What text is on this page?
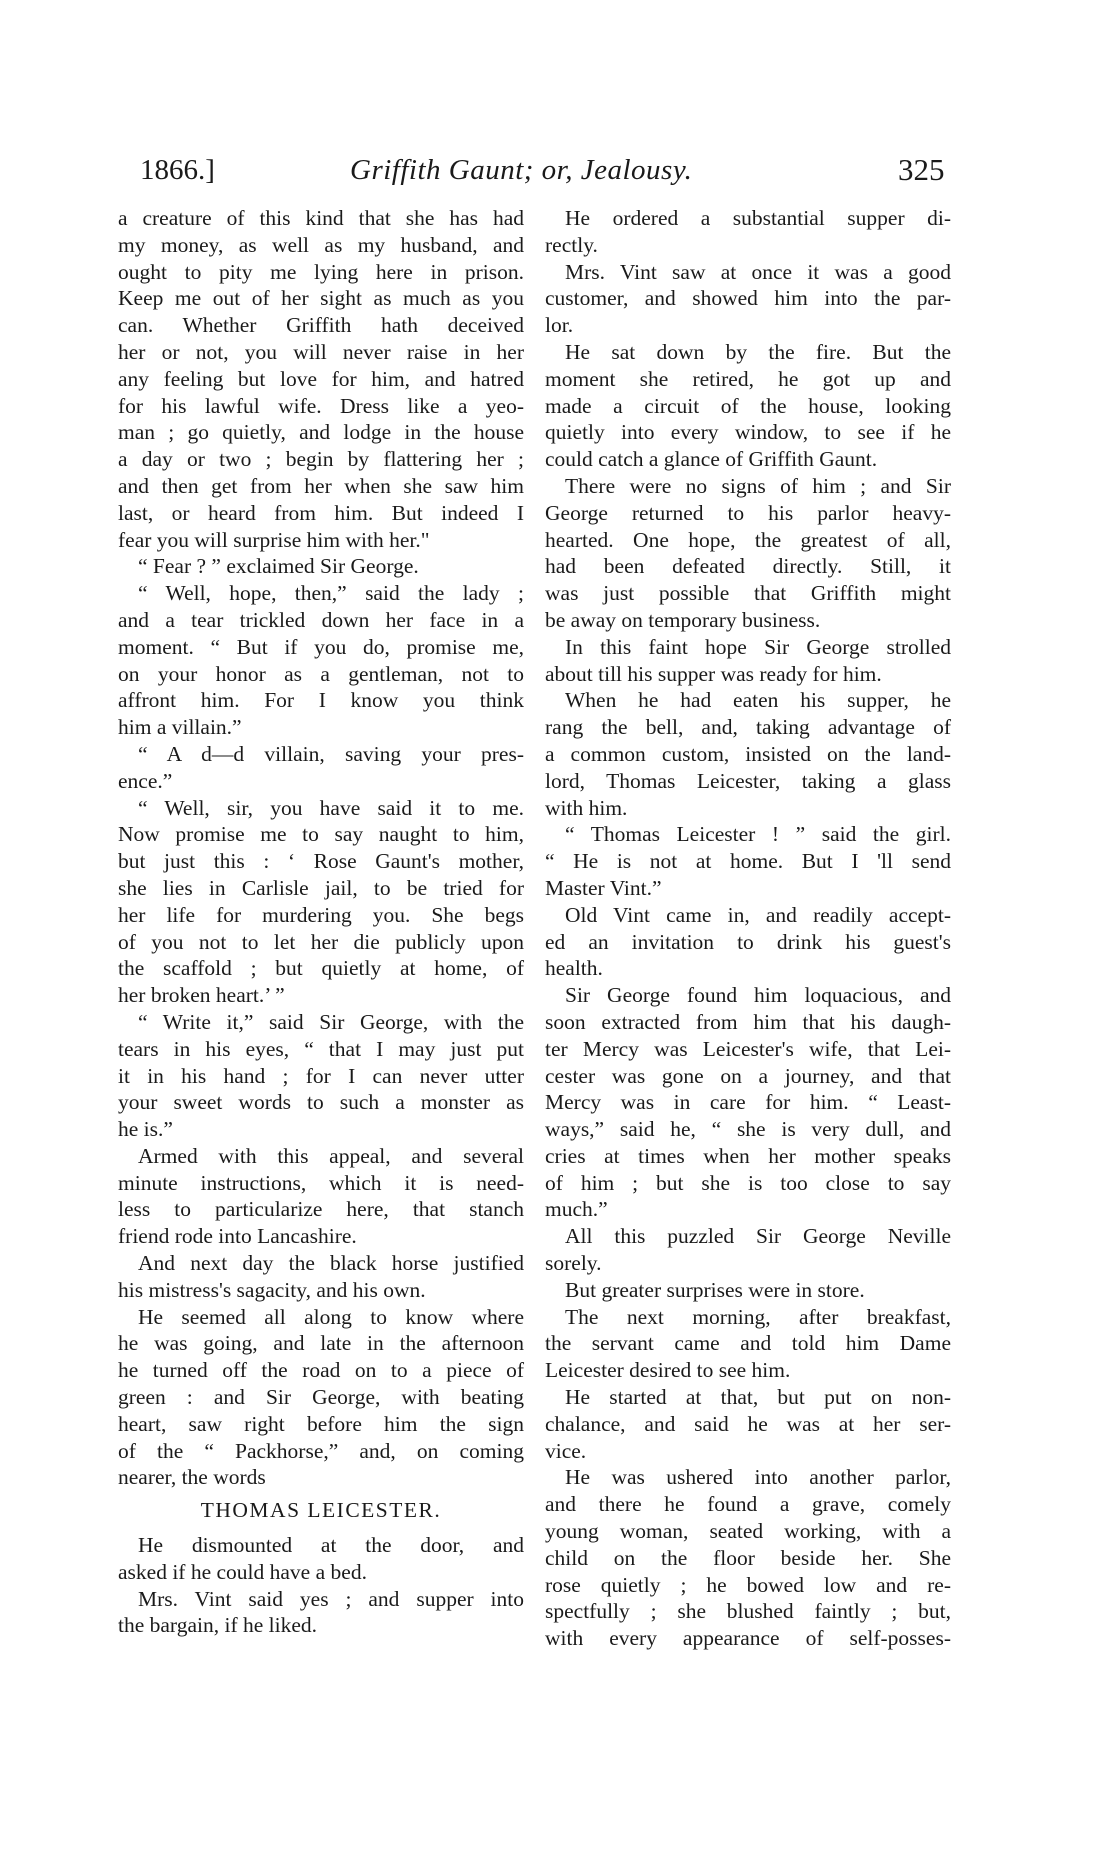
1866.]	Griffith Gaunt; or, Jealousy.	325
a creature of this kind that she has had
my money, as well as my husband, and
ought to pity me lying here in prison.
Keep me out of her sight as much as you
can. Whether Griffith hath deceived
her or not, you will never raise in her
any feeling but love for him, and hatred
for his lawful wife. Dress like a yeo-
man ; go quietly, and lodge in the house
a day or two ; begin by flattering her ;
and then get from her when she saw him
last, or heard from him. But indeed I
fear you will surprise him with her."
“ Fear ? ” exclaimed Sir George.
“ Well, hope, then,” said the lady ;
and a tear trickled down her face in a
moment. “ But if you do, promise me,
on your honor as a gentleman, not to
affront him. For I know you think
him a villain.”
“ A d—d villain, saving your pres-
ence.”
“ Well, sir, you have said it to me.
Now promise me to say naught to him,
but just this : ‘ Rose Gaunt's mother,
she lies in Carlisle jail, to be tried for
her life for murdering you. She begs
of you not to let her die publicly upon
the scaffold ; but quietly at home, of
her broken heart.’ ”
“ Write it,” said Sir George, with the
tears in his eyes, “ that I may just put
it in his hand ; for I can never utter
your sweet words to such a monster as
he is.”
Armed with this appeal, and several
minute instructions, which it is need-
less to particularize here, that stanch
friend rode into Lancashire.
And next day the black horse justified
his mistress's sagacity, and his own.
He seemed all along to know where
he was going, and late in the afternoon
he turned off the road on to a piece of
green : and Sir George, with beating
heart, saw right before him the sign
of the “ Packhorse,” and, on coming
nearer, the words
THOMAS LEICESTER.
He dismounted at the door, and
asked if he could have a bed.
Mrs. Vint said yes ; and supper into
the bargain, if he liked.
He ordered a substantial supper di-
rectly.
Mrs. Vint saw at once it was a good
customer, and showed him into the par-
lor.
He sat down by the fire. But the
moment she retired, he got up and
made a circuit of the house, looking
quietly into every window, to see if he
could catch a glance of Griffith Gaunt.
There were no signs of him ; and Sir
George returned to his parlor heavy-
hearted. One hope, the greatest of all,
had been defeated directly. Still, it
was just possible that Griffith might
be away on temporary business.
In this faint hope Sir George strolled
about till his supper was ready for him.
When he had eaten his supper, he
rang the bell, and, taking advantage of
a common custom, insisted on the land-
lord, Thomas Leicester, taking a glass
with him.
“ Thomas Leicester ! ” said the girl.
“ He is not at home. But I 'll send
Master Vint.”
Old Vint came in, and readily accept-
ed an invitation to drink his guest's
health.
Sir George found him loquacious, and
soon extracted from him that his daugh-
ter Mercy was Leicester's wife, that Lei-
cester was gone on a journey, and that
Mercy was in care for him. “ Least-
ways,” said he, “ she is very dull, and
cries at times when her mother speaks
of him ; but she is too close to say
much.”
All this puzzled Sir George Neville
sorely.
But greater surprises were in store.
The next morning, after breakfast,
the servant came and told him Dame
Leicester desired to see him.
He started at that, but put on non-
chalance, and said he was at her ser-
vice.
He was ushered into another parlor,
and there he found a grave, comely
young woman, seated working, with a
child on the floor beside her. She
rose quietly ; he bowed low and re-
spectfully ; she blushed faintly ; but,
with every appearance of self-posses-
